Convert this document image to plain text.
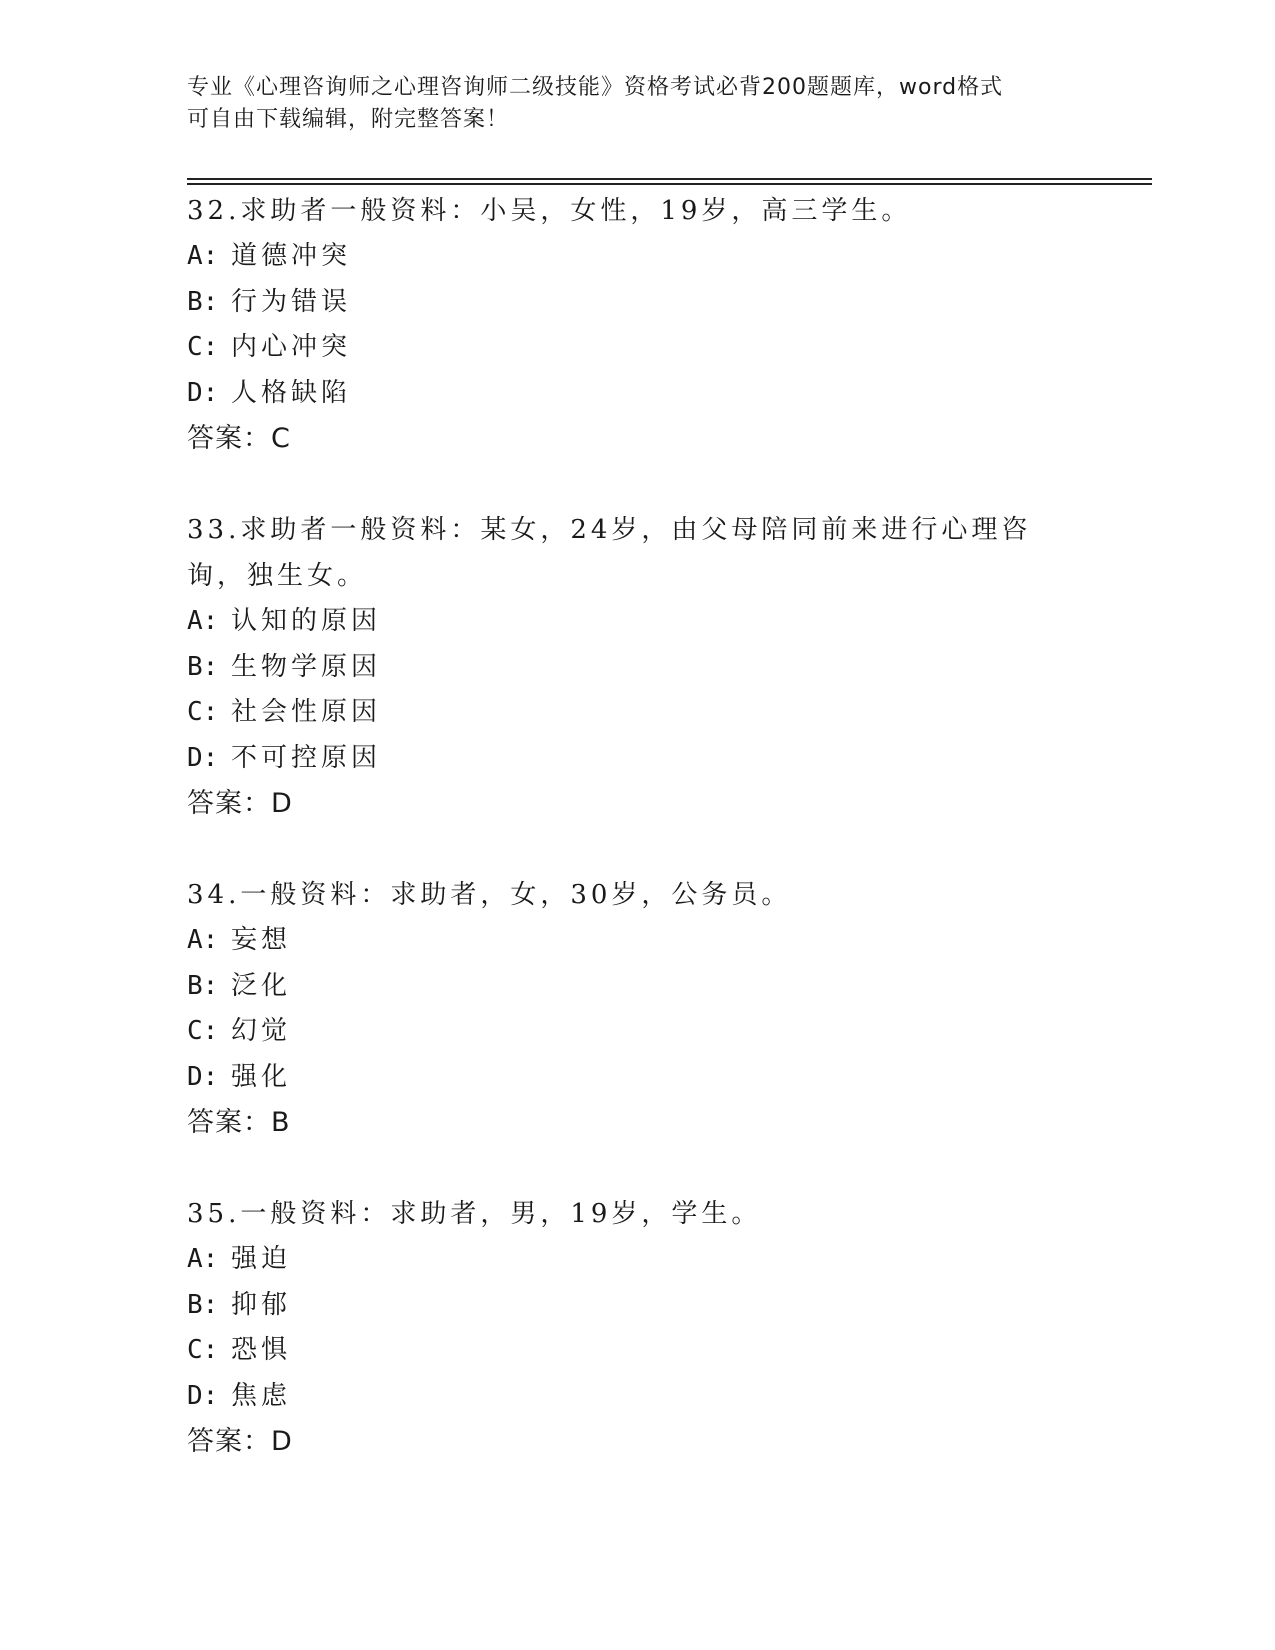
专业《心理咨询师之心理咨询师二级技能》资格考试必背200题题库，word格式
可自由下载编辑，附完整答案！

32.求助者一般资料：小吴，女性，19岁，高三学生。

A: 道德冲突

B: 行为错误

C: 内心冲突

D: 人格缺陷

答案：C

33.求助者一般资料：某女，24岁，由父母陪同前来进行心理咨询，独生女。

A: 认知的原因

B: 生物学原因

C: 社会性原因

D: 不可控原因

答案：D

34.一般资料：求助者，女，30岁，公务员。

A: 妄想

B: 泛化

C: 幻觉

D: 强化

答案：B

35.一般资料：求助者，男，19岁，学生。

A: 强迫

B: 抑郁

C: 恐惧

D: 焦虑

答案：D
